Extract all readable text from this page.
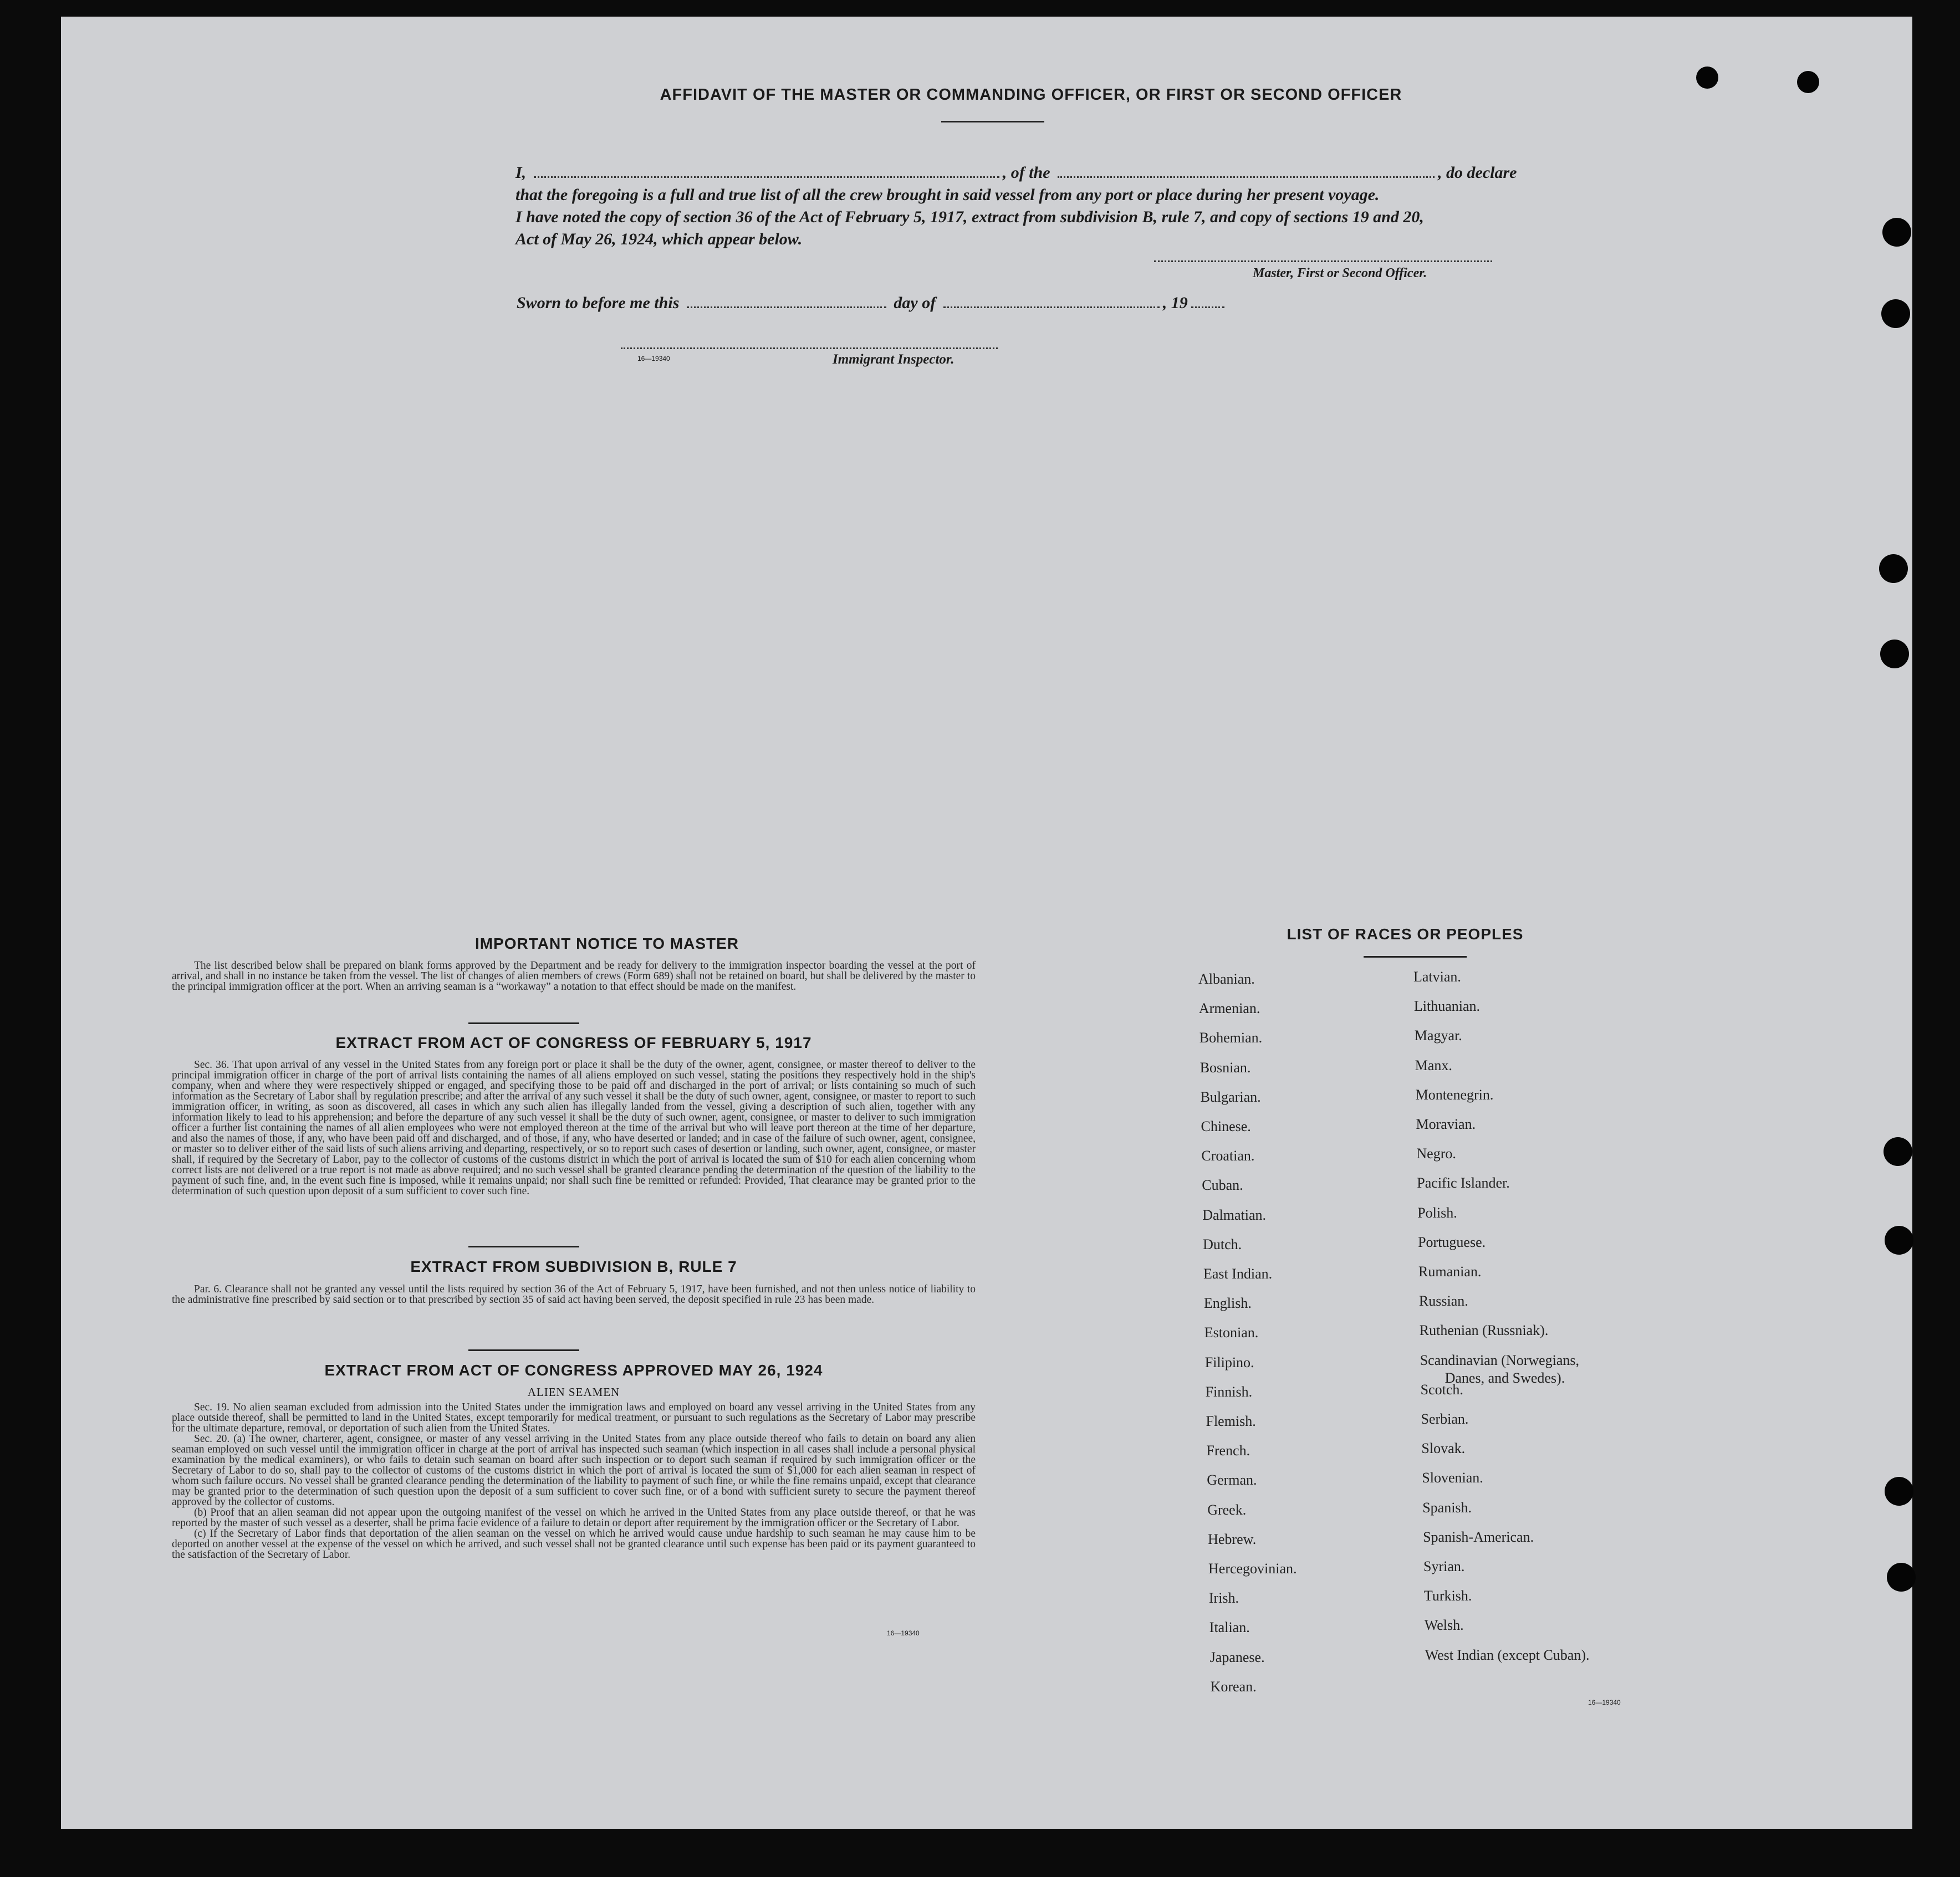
AFFIDAVIT OF THE MASTER OR COMMANDING OFFICER, OR FIRST OR SECOND OFFICER
I,	, of the	, do declare
that the foregoing is a full and true list of all the crew brought in said vessel from any port or place during her present voyage.
I have noted the copy of section 36 of the Act of February 5, 1917, extract from subdivision B, rule 7, and copy of sections 19 and 20,
Act of May 26, 1924, which appear below.
Master, First or Second Officer.
Sworn to before me this	day of	, 19
16—19340	Immigrant Inspector.
IMPORTANT NOTICE TO MASTER

The list described below shall be prepared on blank forms approved by the Department and be ready for delivery to the immigration inspector boarding the vessel at the port of arrival, and shall in no instance be taken from the vessel. The list of changes of alien members of crews (Form 689) shall not be retained on board, but shall be delivered by the master to the principal immigration officer at the port. When an arriving seaman is a “workaway” a notation to that effect should be made on the manifest.

EXTRACT FROM ACT OF CONGRESS OF FEBRUARY 5, 1917

Sec. 36. That upon arrival of any vessel in the United States from any foreign port or place it shall be the duty of the owner, agent, consignee, or master thereof to deliver to the principal immigration officer in charge of the port of arrival lists containing the names of all aliens employed on such vessel, stating the positions they respectively hold in the ship's company, when and where they were respectively shipped or engaged, and specifying those to be paid off and discharged in the port of arrival; or lists containing so much of such information as the Secretary of Labor shall by regulation prescribe; and after the arrival of any such vessel it shall be the duty of such owner, agent, consignee, or master to report to such immigration officer, in writing, as soon as discovered, all cases in which any such alien has illegally landed from the vessel, giving a description of such alien, together with any information likely to lead to his apprehension; and before the departure of any such vessel it shall be the duty of such owner, agent, consignee, or master to deliver to such immigration officer a further list containing the names of all alien employees who were not employed thereon at the time of the arrival but who will leave port thereon at the time of her departure, and also the names of those, if any, who have been paid off and discharged, and of those, if any, who have deserted or landed; and in case of the failure of such owner, agent, consignee, or master so to deliver either of the said lists of such aliens arriving and departing, respectively, or so to report such cases of desertion or landing, such owner, agent, consignee, or master shall, if required by the Secretary of Labor, pay to the collector of customs of the customs district in which the port of arrival is located the sum of $10 for each alien concerning whom correct lists are not delivered or a true report is not made as above required; and no such vessel shall be granted clearance pending the determination of the question of the liability to the payment of such fine, and, in the event such fine is imposed, while it remains unpaid; nor shall such fine be remitted or refunded: Provided, That clearance may be granted prior to the determination of such question upon deposit of a sum sufficient to cover such fine.

EXTRACT FROM SUBDIVISION B, RULE 7

Par. 6. Clearance shall not be granted any vessel until the lists required by section 36 of the Act of February 5, 1917, have been furnished, and not then unless notice of liability to the administrative fine prescribed by said section or to that prescribed by section 35 of said act having been served, the deposit specified in rule 23 has been made.

EXTRACT FROM ACT OF CONGRESS APPROVED MAY 26, 1924
ALIEN SEAMEN

Sec. 19. No alien seaman excluded from admission into the United States under the immigration laws and employed on board any vessel arriving in the United States from any place outside thereof, shall be permitted to land in the United States, except temporarily for medical treatment, or pursuant to such regulations as the Secretary of Labor may prescribe for the ultimate departure, removal, or deportation of such alien from the United States.

Sec. 20. (a) The owner, charterer, agent, consignee, or master of any vessel arriving in the United States from any place outside thereof who fails to detain on board any alien seaman employed on such vessel until the immigration officer in charge at the port of arrival has inspected such seaman (which inspection in all cases shall include a personal physical examination by the medical examiners), or who fails to detain such seaman on board after such inspection or to deport such seaman if required by such immigration officer or the Secretary of Labor to do so, shall pay to the collector of customs of the customs district in which the port of arrival is located the sum of $1,000 for each alien seaman in respect of whom such failure occurs. No vessel shall be granted clearance pending the determination of the liability to payment of such fine, or while the fine remains unpaid, except that clearance may be granted prior to the determination of such question upon the deposit of a sum sufficient to cover such fine, or of a bond with sufficient surety to secure the payment thereof approved by the collector of customs.

(b) Proof that an alien seaman did not appear upon the outgoing manifest of the vessel on which he arrived in the United States from any place outside thereof, or that he was reported by the master of such vessel as a deserter, shall be prima facie evidence of a failure to detain or deport after requirement by the immigration officer or the Secretary of Labor.

(c) If the Secretary of Labor finds that deportation of the alien seaman on the vessel on which he arrived would cause undue hardship to such seaman he may cause him to be deported on another vessel at the expense of the vessel on which he arrived, and such vessel shall not be granted clearance until such expense has been paid or its payment guaranteed to the satisfaction of the Secretary of Labor.

16—19340
LIST OF RACES OR PEOPLES
16—19340
Albanian.
Armenian.
Bohemian.
Bosnian.
Bulgarian.
Chinese.
Croatian.
Cuban.
Dalmatian.
Dutch.
East Indian.
English.
Estonian.
Filipino.
Finnish.
Flemish.
French.
German.
Greek.
Hebrew.
Hercegovinian.
Irish.
Italian.
Japanese.
Korean.
Latvian.
Lithuanian.
Magyar.
Manx.
Montenegrin.
Moravian.
Negro.
Pacific Islander.
Polish.
Portuguese.
Rumanian.
Russian.
Ruthenian (Russniak).
Scandinavian (Norwegians,
Danes, and Swedes).
Scotch.
Serbian.
Slovak.
Slovenian.
Spanish.
Spanish-American.
Syrian.
Turkish.
Welsh.
West Indian (except Cuban).
